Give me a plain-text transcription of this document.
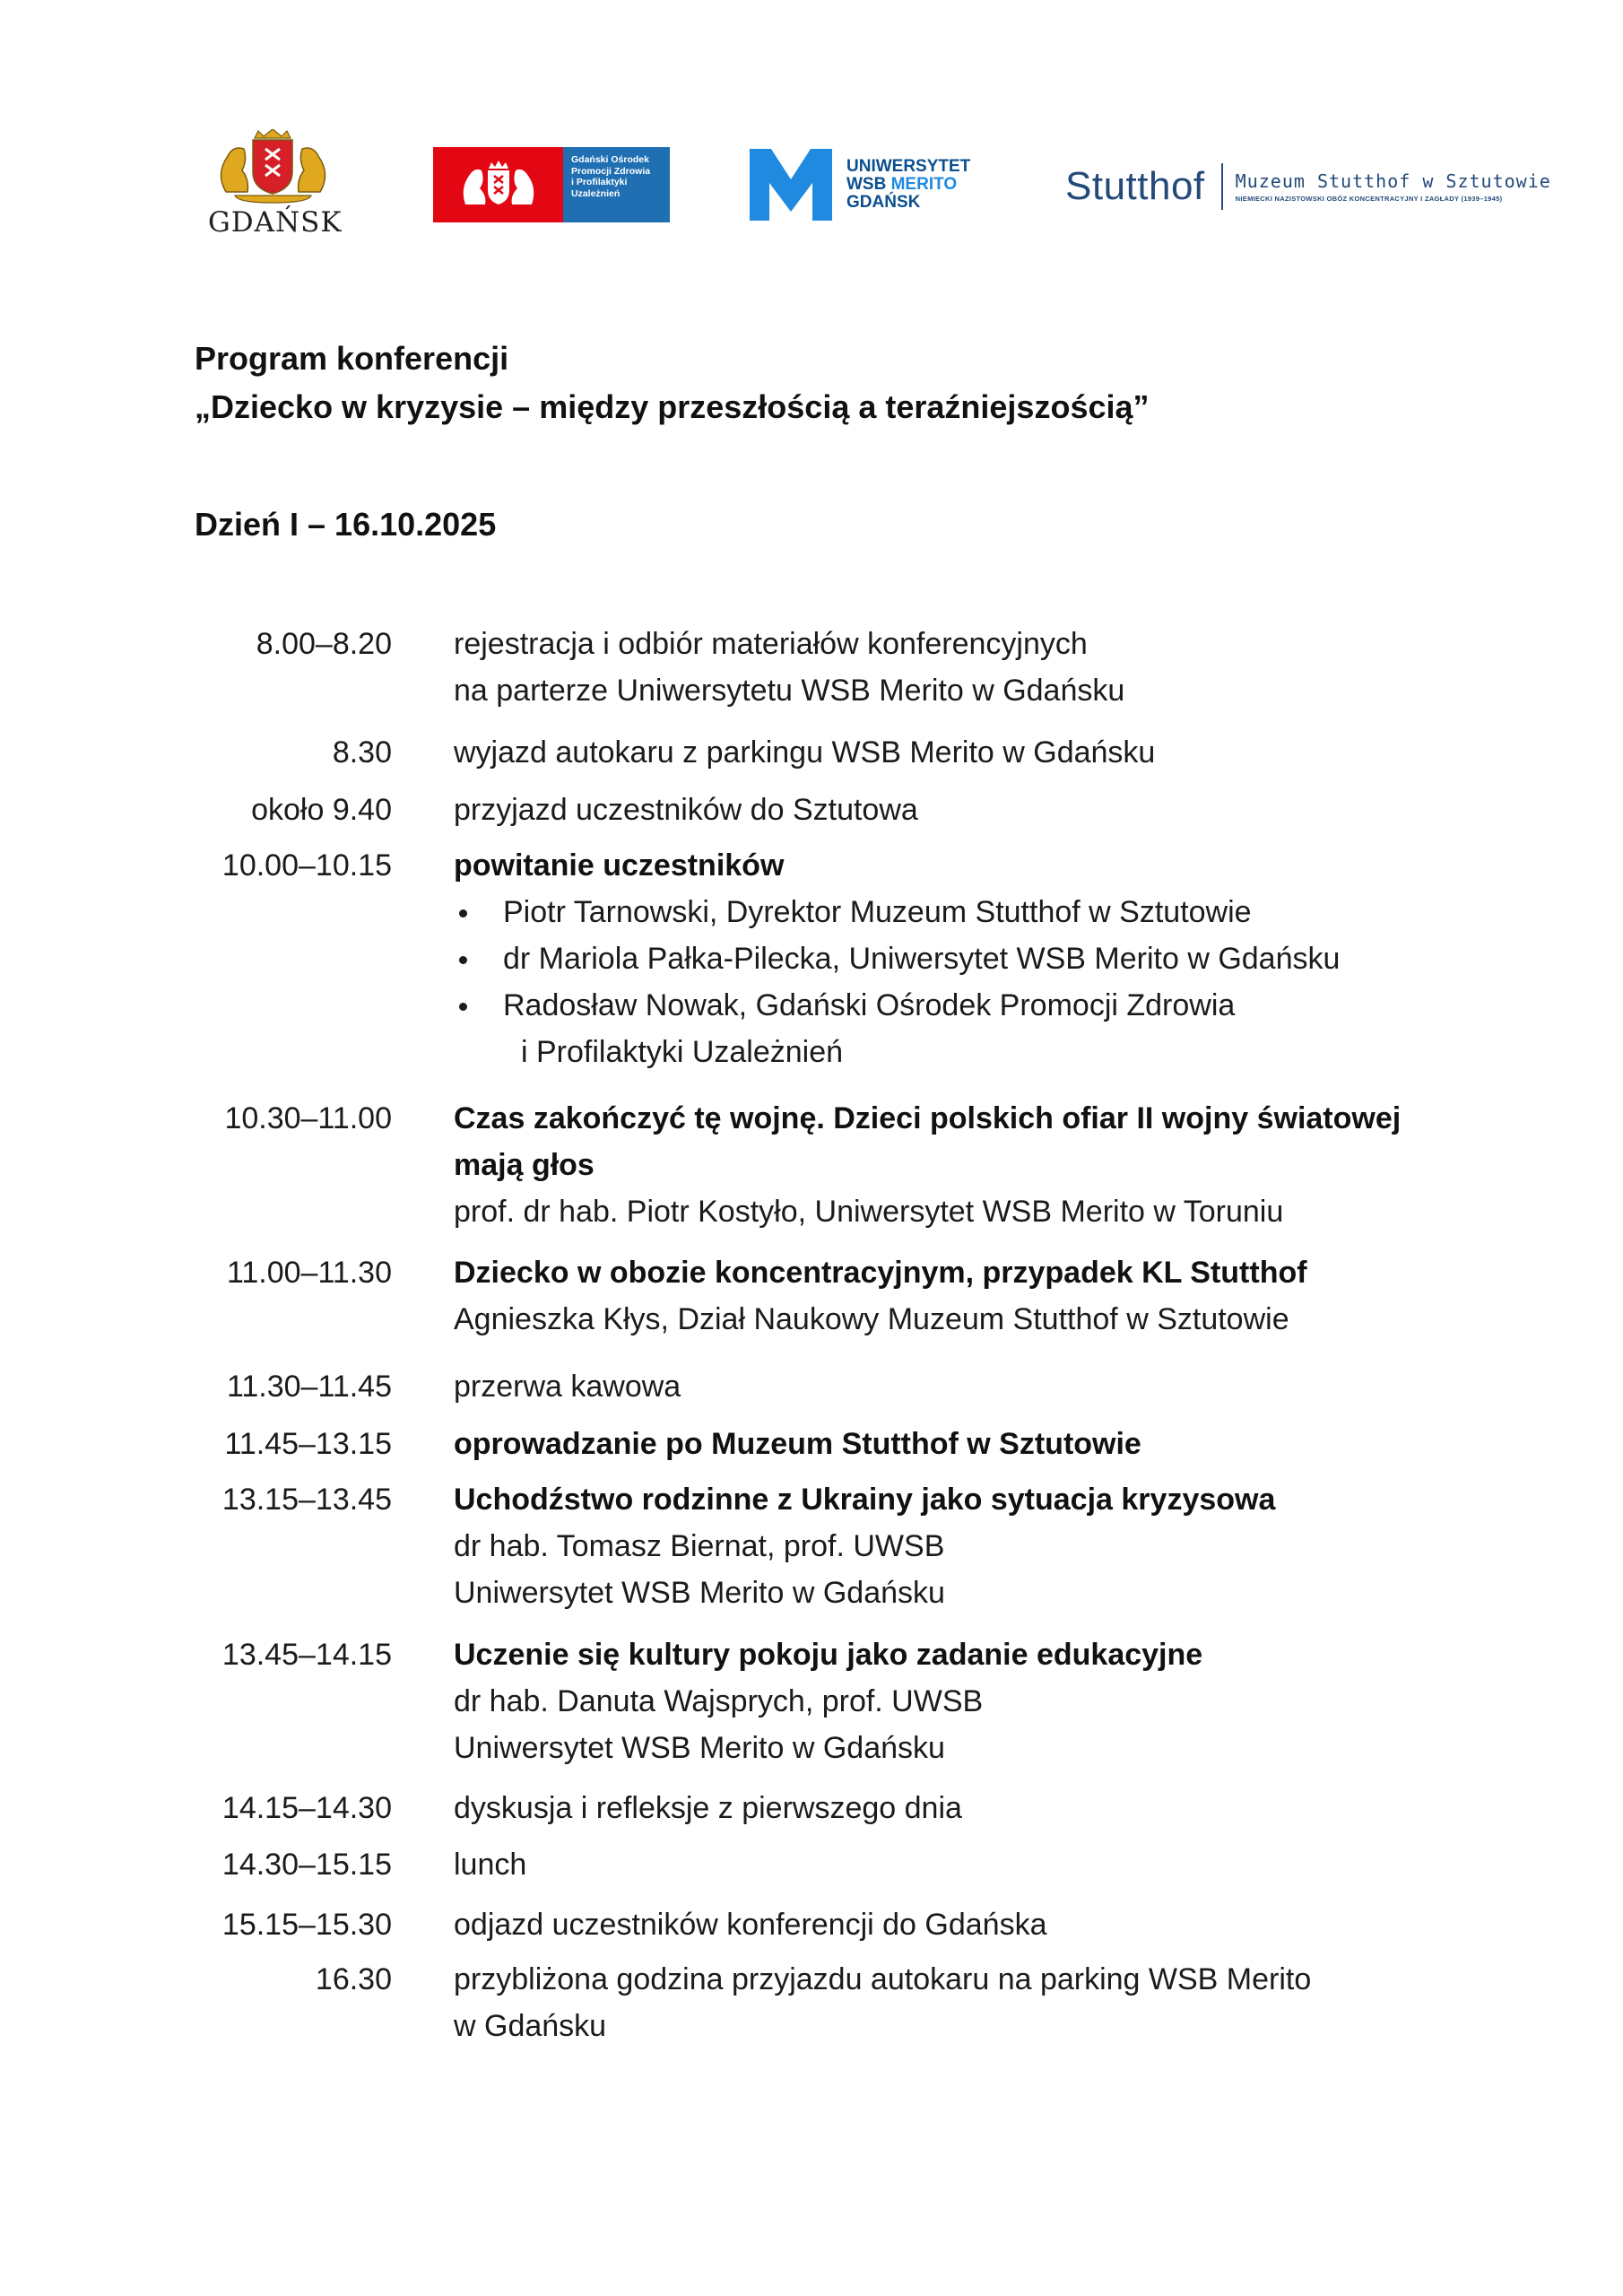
GDAŃSK
Gdański Ośrodek
Promocji Zdrowia
i Profilaktyki
Uzależnień
UNIWERSYTET
WSB MERITO
GDAŃSK	Stutthof Muzeum Stutthof w Sztutowie
NIEMIECKI NAZISTOWSKI OBÓZ KONCENTRACYJNY I ZAGŁADY (1939–1945)
Program konferencji
„Dziecko w kryzysie – między przeszłością a teraźniejszością”
Dzień I – 16.10.2025
8.00–8.20 rejestracja i odbiór materiałów konferencyjnych
na parterze Uniwersytetu WSB Merito w Gdańsku
8.30 wyjazd autokaru z parkingu WSB Merito w Gdańsku
około 9.40 przyjazd uczestników do Sztutowa
10.00–10.15 powitanie uczestników
Piotr Tarnowski, Dyrektor Muzeum Stutthof w Sztutowie
dr Mariola Pałka-Pilecka, Uniwersytet WSB Merito w Gdańsku
Radosław Nowak, Gdański Ośrodek Promocji Zdrowia
i Profilaktyki Uzależnień
10.30–11.00 Czas zakończyć tę wojnę. Dzieci polskich ofiar II wojny światowej
mają głos
prof. dr hab. Piotr Kostyło, Uniwersytet WSB Merito w Toruniu
11.00–11.30 Dziecko w obozie koncentracyjnym, przypadek KL Stutthof
Agnieszka Kłys, Dział Naukowy Muzeum Stutthof w Sztutowie
11.30–11.45 przerwa kawowa
11.45–13.15 oprowadzanie po Muzeum Stutthof w Sztutowie
13.15–13.45 Uchodźstwo rodzinne z Ukrainy jako sytuacja kryzysowa
dr hab. Tomasz Biernat, prof. UWSB
Uniwersytet WSB Merito w Gdańsku
13.45–14.15 Uczenie się kultury pokoju jako zadanie edukacyjne
dr hab. Danuta Wajsprych, prof. UWSB
Uniwersytet WSB Merito w Gdańsku
14.15–14.30 dyskusja i refleksje z pierwszego dnia
14.30–15.15 lunch
15.15–15.30 odjazd uczestników konferencji do Gdańska
16.30 przybliżona godzina przyjazdu autokaru na parking WSB Merito
w Gdańsku
